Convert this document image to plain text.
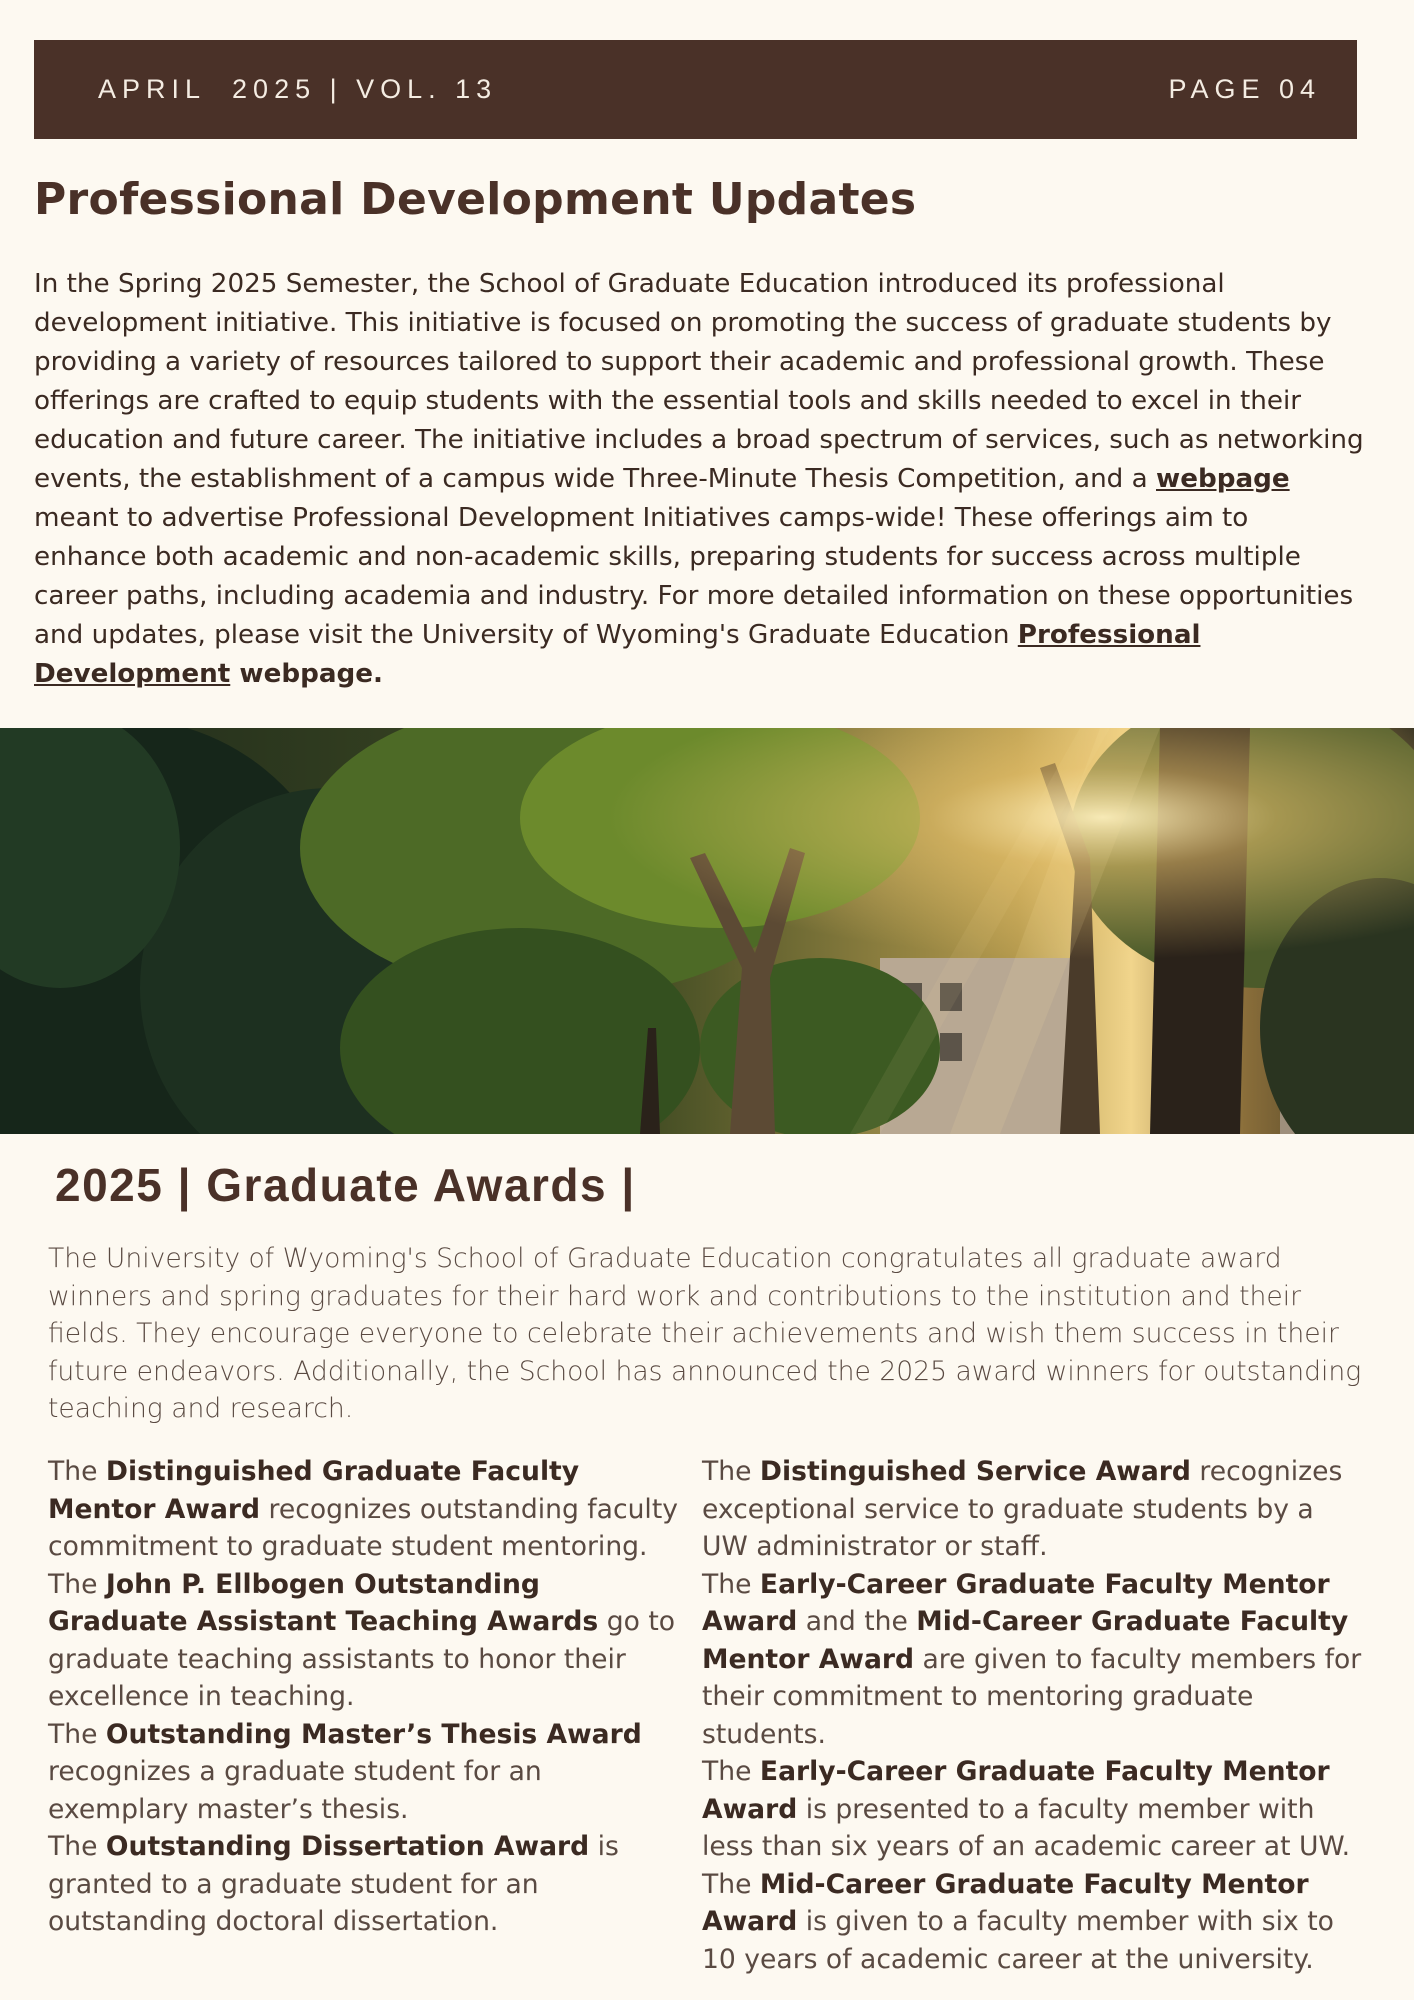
APRIL  2025 | VOL. 13	PAGE 04
Professional Development Updates

In the Spring 2025 Semester, the School of Graduate Education introduced its professional development initiative. This initiative is focused on promoting the success of graduate students by providing a variety of resources tailored to support their academic and professional growth. These offerings are crafted to equip students with the essential tools and skills needed to excel in their education and future career. The initiative includes a broad spectrum of services, such as networking events, the establishment of a campus wide Three-Minute Thesis Competition, and a webpage meant to advertise Professional Development Initiatives camps-wide! These offerings aim to enhance both academic and non-academic skills, preparing students for success across multiple career paths, including academia and industry. For more detailed information on these opportunities and updates, please visit the University of Wyoming's Graduate Education Professional Development webpage.

2025 | Graduate Awards |

The University of Wyoming's School of Graduate Education congratulates all graduate award winners and spring graduates for their hard work and contributions to the institution and their fields. They encourage everyone to celebrate their achievements and wish them success in their future endeavors. Additionally, the School has announced the 2025 award winners for outstanding teaching and research.

The Distinguished Graduate Faculty Mentor Award recognizes outstanding faculty commitment to graduate student mentoring.

The John P. Ellbogen Outstanding Graduate Assistant Teaching Awards go to graduate teaching assistants to honor their excellence in teaching.

The Outstanding Master’s Thesis Award recognizes a graduate student for an exemplary master’s thesis.

The Outstanding Dissertation Award is granted to a graduate student for an outstanding doctoral dissertation.

The Distinguished Service Award recognizes exceptional service to graduate students by a UW administrator or staff.

The Early-Career Graduate Faculty Mentor Award and the Mid-Career Graduate Faculty Mentor Award are given to faculty members for their commitment to mentoring graduate students.

The Early-Career Graduate Faculty Mentor Award is presented to a faculty member with less than six years of an academic career at UW.

The Mid-Career Graduate Faculty Mentor Award is given to a faculty member with six to 10 years of academic career at the university.
